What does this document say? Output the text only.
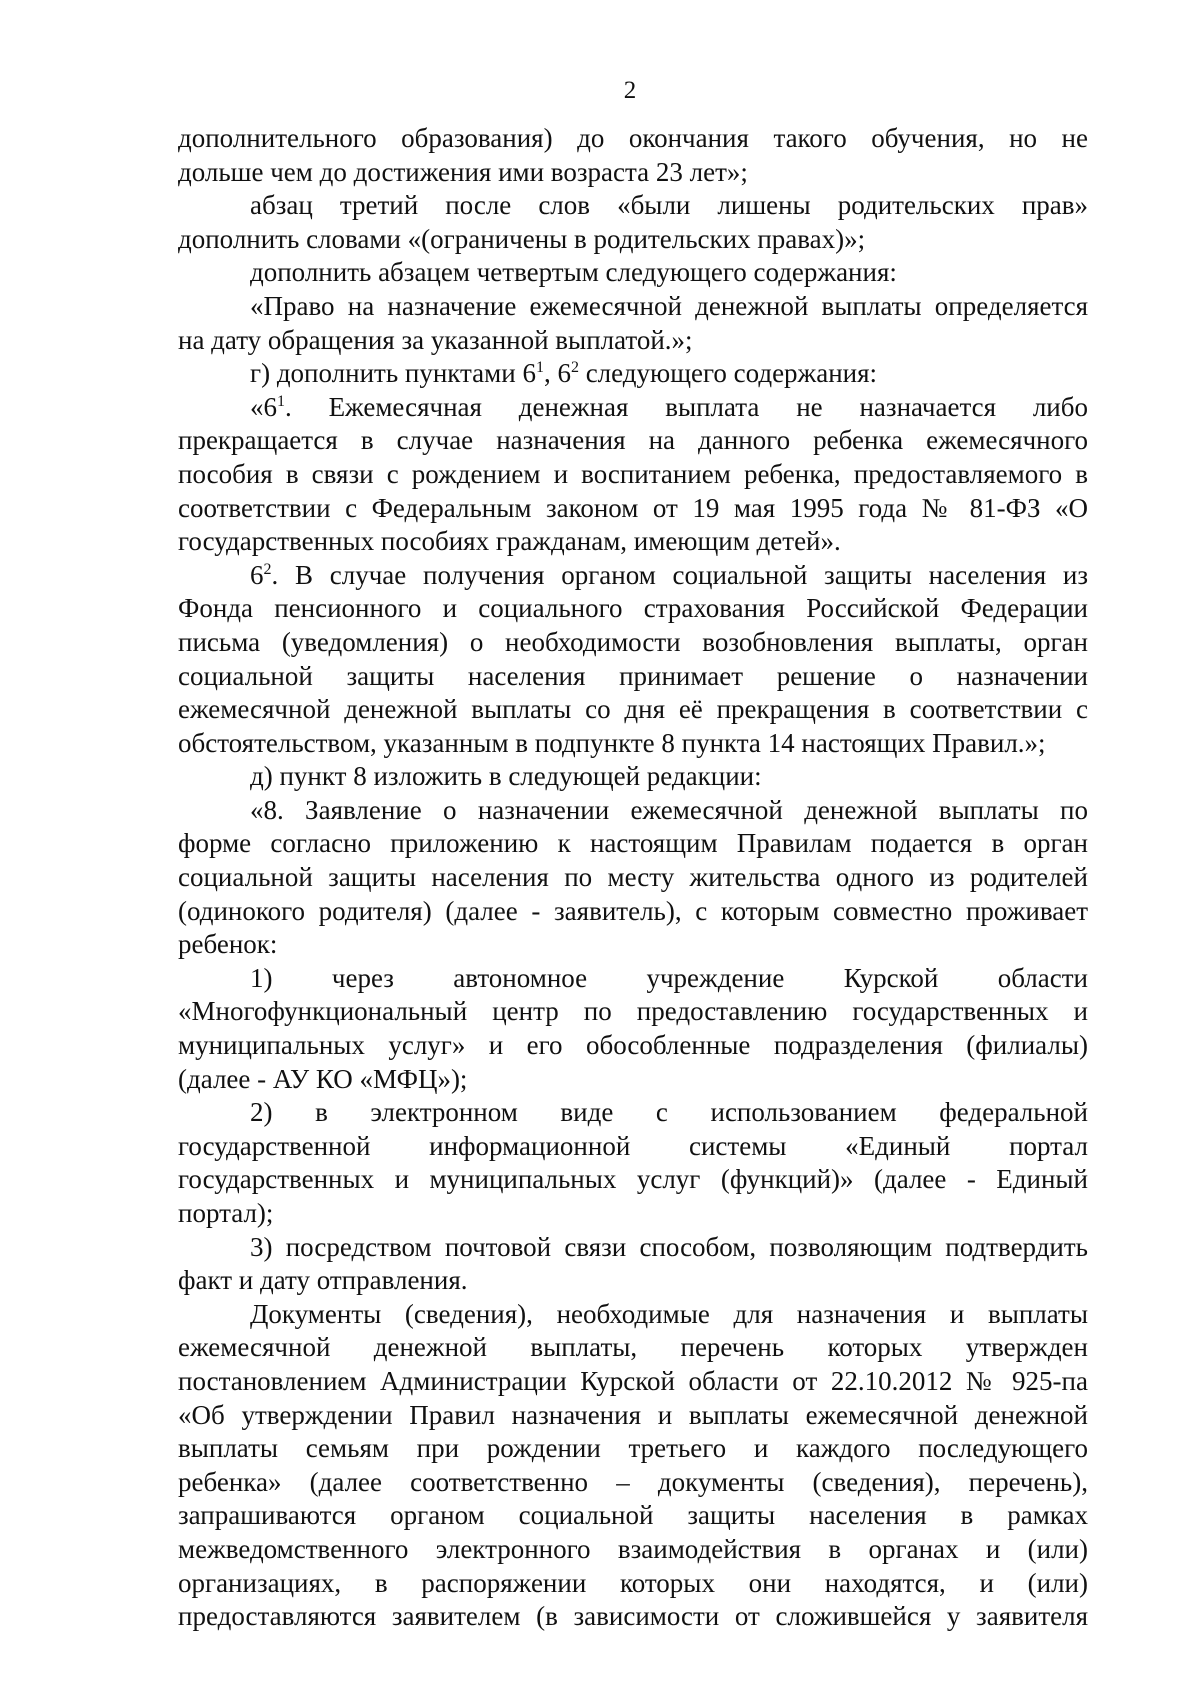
2
дополнительного образования) до окончания такого обучения, но не
дольше чем до достижения ими возраста 23 лет»;
абзац третий после слов «были лишены родительских прав»
дополнить словами «(ограничены в родительских правах)»;
дополнить абзацем четвертым следующего содержания:
«Право на назначение ежемесячной денежной выплаты определяется
на дату обращения за указанной выплатой.»;
г) дополнить пунктами $6^1$, $6^2$ следующего содержания:
«$6^1$. Ежемесячная денежная выплата не назначается либо
прекращается в случае назначения на данного ребенка ежемесячного
пособия в связи с рождением и воспитанием ребенка, предоставляемого в
соответствии с Федеральным законом от 19 мая 1995 года № 81-ФЗ «О
государственных пособиях гражданам, имеющим детей».
$6^2$. В случае получения органом социальной защиты населения из
Фонда пенсионного и социального страхования Российской Федерации
письма (уведомления) о необходимости возобновления выплаты, орган
социальной защиты населения принимает решение о назначении
ежемесячной денежной выплаты со дня её прекращения в соответствии с
обстоятельством, указанным в подпункте 8 пункта 14 настоящих Правил.»;
д) пункт 8 изложить в следующей редакции:
«8. Заявление о назначении ежемесячной денежной выплаты по
форме согласно приложению к настоящим Правилам подается в орган
социальной защиты населения по месту жительства одного из родителей
(одинокого родителя) (далее - заявитель), с которым совместно проживает
ребенок:
1) через автономное учреждение Курской области
«Многофункциональный центр по предоставлению государственных и
муниципальных услуг» и его обособленные подразделения (филиалы)
(далее - АУ КО «МФЦ»);
2) в электронном виде с использованием федеральной
государственной информационной системы «Единый портал
государственных и муниципальных услуг (функций)» (далее - Единый
портал);
3) посредством почтовой связи способом, позволяющим подтвердить
факт и дату отправления.
Документы (сведения), необходимые для назначения и выплаты
ежемесячной денежной выплаты, перечень которых утвержден
постановлением Администрации Курской области от 22.10.2012 № 925-па
«Об утверждении Правил назначения и выплаты ежемесячной денежной
выплаты семьям при рождении третьего и каждого последующего
ребенка» (далее соответственно – документы (сведения), перечень),
запрашиваются органом социальной защиты населения в рамках
межведомственного электронного взаимодействия в органах и (или)
организациях, в распоряжении которых они находятся, и (или)
предоставляются заявителем (в зависимости от сложившейся у заявителя
